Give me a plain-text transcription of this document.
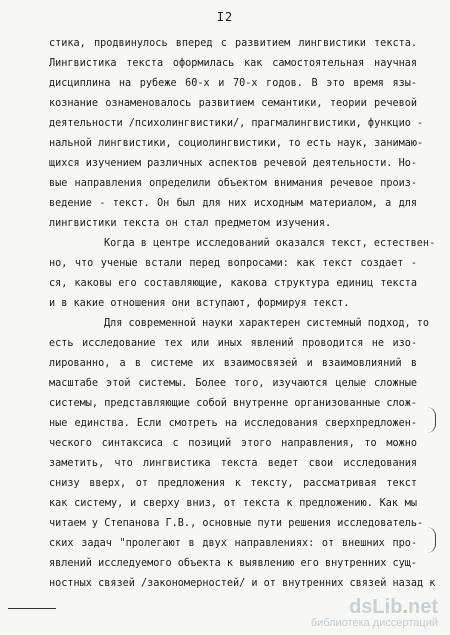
I2
стика, продвинулось вперед с развитием лингвистики текста.
Лингвистика текста оформилась как самостоятельная научная
дисциплина на рубеже 60-х и 70-х годов. В это время язы-
кознание ознаменовалось развитием семантики, теории речевой
деятельности /психолингвистики/, прагмалингвистики, функцио -
нальной лингвистики, социолингвистики, то есть наук, занимаю-
щихся изучением различных аспектов речевой деятельности. Но-
вые направления определили объектом внимания речевое произ-
ведение - текст. Он был для них исходным материалом, а для
лингвистики текста он стал предметом изучения.
Когда в центре исследований оказался текст, естествен-
но, что ученые встали перед вопросами: как текст создает -
ся, каковы его составляющие, какова структура единиц текста
и в какие отношения они вступают, формируя текст.
Для современной науки характерен системный подход, то
есть исследование тех или иных явлений проводится не изо-
лированно, а в системе их взаимосвязей и взаимовлияний в
масштабе этой системы. Более того, изучаются целые сложные
системы, представляющие собой внутренне организованные слож-
ные единства. Если смотреть на исследования сверхпредложен-
ческого синтаксиса с позиций этого направления, то можно
заметить, что лингвистика текста ведет свои исследования
снизу вверх, от предложения к тексту, рассматривая текст
как систему, и сверху вниз, от текста к предложению. Как мы
читаем у Степанова Г.В., основные пути решения исследователь-
ских задач "пролегают в двух направлениях: от внешних про-
явлений исследуемого объекта к выявлению его внутренних сущ-
ностных связей /закономерностей/ и от внутренних связей назад к
dsLib.net
библиотека диссертаций
